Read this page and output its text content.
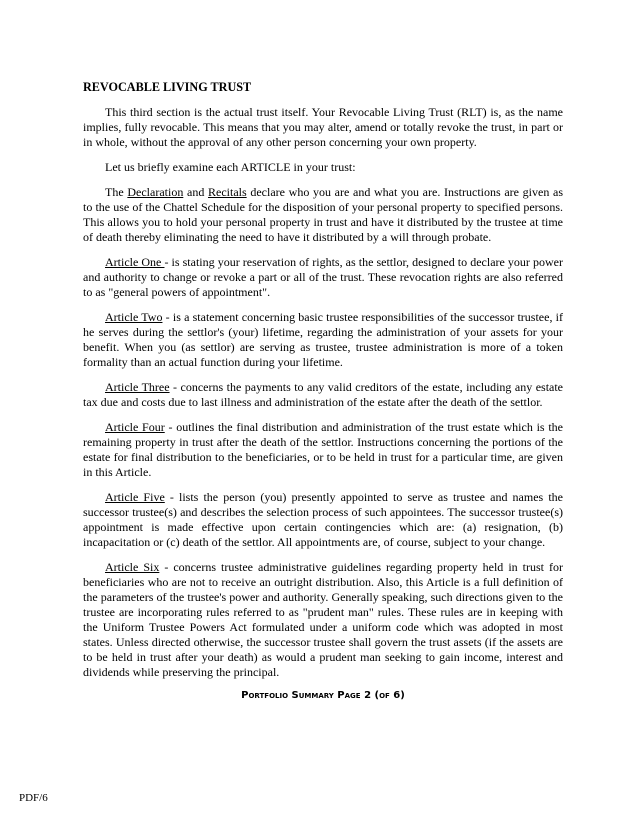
REVOCABLE LIVING TRUST

This third section is the actual trust itself. Your Revocable Living Trust (RLT) is, as the name implies, fully revocable. This means that you may alter, amend or totally revoke the trust, in part or in whole, without the approval of any other person concerning your own property.

Let us briefly examine each ARTICLE in your trust:

The Declaration and Recitals declare who you are and what you are. Instructions are given as to the use of the Chattel Schedule for the disposition of your personal property to specified persons. This allows you to hold your personal property in trust and have it distributed by the trustee at time of death thereby eliminating the need to have it distributed by a will through probate.

Article One - is stating your reservation of rights, as the settlor, designed to declare your power and authority to change or revoke a part or all of the trust. These revocation rights are also referred to as "general powers of appointment".

Article Two - is a statement concerning basic trustee responsibilities of the successor trustee, if he serves during the settlor's (your) lifetime, regarding the administration of your assets for your benefit. When you (as settlor) are serving as trustee, trustee administration is more of a token formality than an actual function during your lifetime.

Article Three - concerns the payments to any valid creditors of the estate, including any estate tax due and costs due to last illness and administration of the estate after the death of the settlor.

Article Four - outlines the final distribution and administration of the trust estate which is the remaining property in trust after the death of the settlor. Instructions concerning the portions of the estate for final distribution to the beneficiaries, or to be held in trust for a particular time, are given in this Article.

Article Five - lists the person (you) presently appointed to serve as trustee and names the successor trustee(s) and describes the selection process of such appointees. The successor trustee(s) appointment is made effective upon certain contingencies which are: (a) resignation, (b) incapacitation or (c) death of the settlor. All appointments are, of course, subject to your change.

Article Six - concerns trustee administrative guidelines regarding property held in trust for beneficiaries who are not to receive an outright distribution. Also, this Article is a full definition of the parameters of the trustee's power and authority. Generally speaking, such directions given to the trustee are incorporating rules referred to as "prudent man" rules. These rules are in keeping with the Uniform Trustee Powers Act formulated under a uniform code which was adopted in most states. Unless directed otherwise, the successor trustee shall govern the trust assets (if the assets are to be held in trust after your death) as would a prudent man seeking to gain income, interest and dividends while preserving the principal.

Portfolio Summary Page 2 (of 6)
PDF/6
